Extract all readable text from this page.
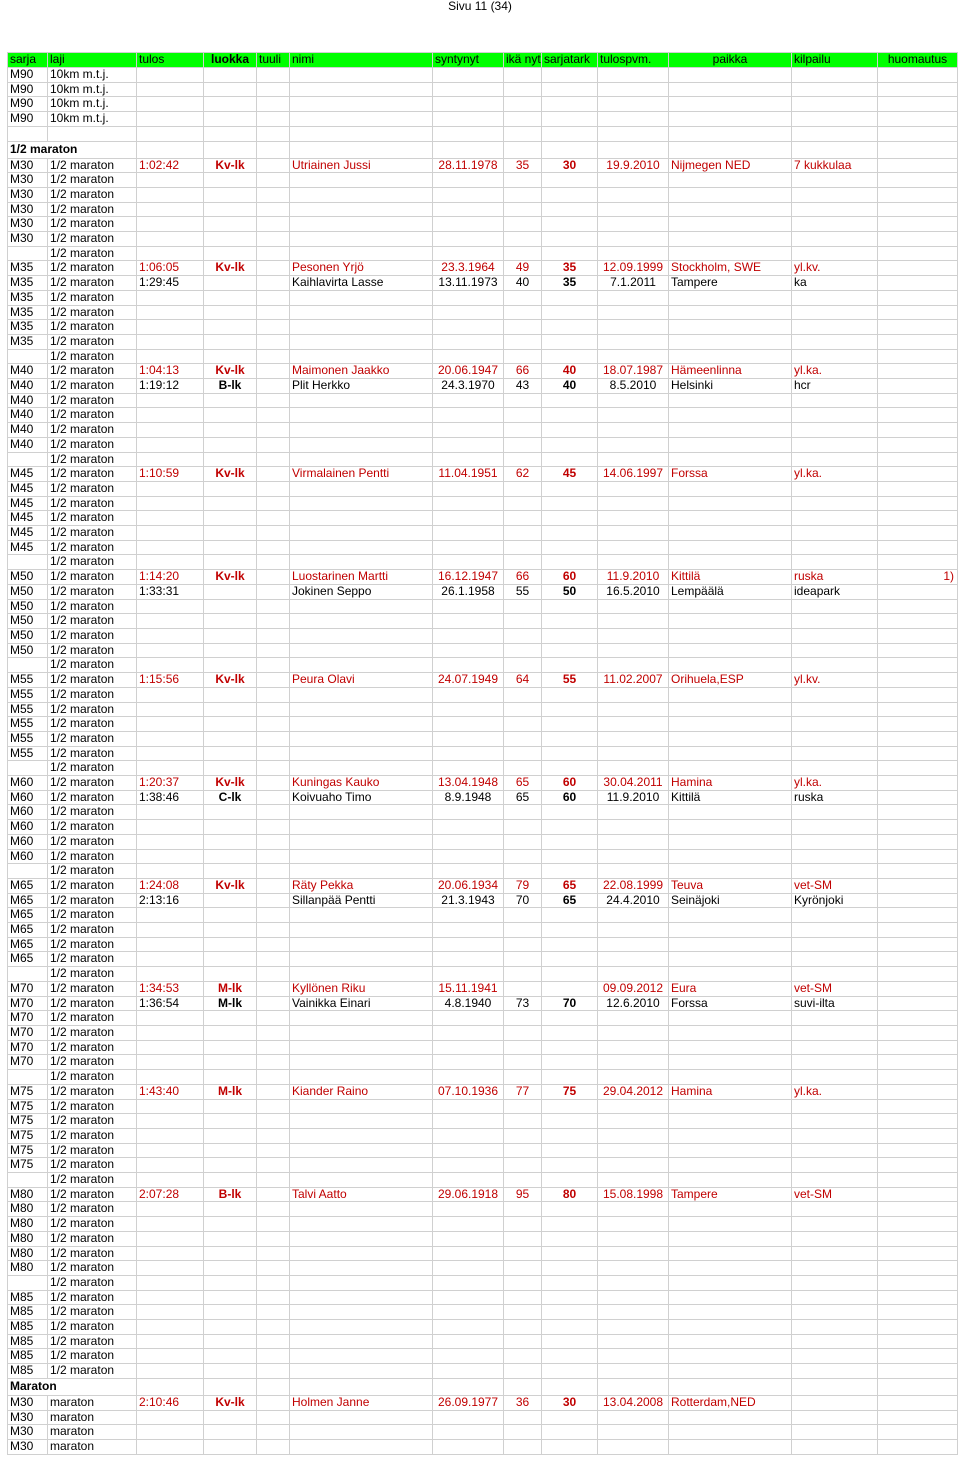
Sivu 11 (34)
sarja	laji	tulos	luokka	tuuli	nimi	syntynyt	ikä nyt	sarjatark	tulospvm.	paikka	kilpailu	huomautus
M90	10km m.t.j.											
M90	10km m.t.j.											
M90	10km m.t.j.											
M90	10km m.t.j.											

1/2 maraton												
M30	1/2 maraton	1:02:42	Kv-lk		Utriainen Jussi	28.11.1978	35	30	19.9.2010	Nijmegen NED	7 kukkulaa	
M30	1/2 maraton											
M30	1/2 maraton											
M30	1/2 maraton											
M30	1/2 maraton											
M30	1/2 maraton											
	1/2 maraton											
M35	1/2 maraton	1:06:05	Kv-lk		Pesonen Yrjö	23.3.1964	49	35	12.09.1999	Stockholm, SWE	yl.kv.	
M35	1/2 maraton	1:29:45			Kaihlavirta Lasse	13.11.1973	40	35	7.1.2011	Tampere	ka	
M35	1/2 maraton											
M35	1/2 maraton											
M35	1/2 maraton											
M35	1/2 maraton											
	1/2 maraton											
M40	1/2 maraton	1:04:13	Kv-lk		Maimonen Jaakko	20.06.1947	66	40	18.07.1987	Hämeenlinna	yl.ka.	
M40	1/2 maraton	1:19:12	B-lk		Plit Herkko	24.3.1970	43	40	8.5.2010	Helsinki	hcr	
M40	1/2 maraton											
M40	1/2 maraton											
M40	1/2 maraton											
M40	1/2 maraton											
	1/2 maraton											
M45	1/2 maraton	1:10:59	Kv-lk		Virmalainen Pentti	11.04.1951	62	45	14.06.1997	Forssa	yl.ka.	
M45	1/2 maraton											
M45	1/2 maraton											
M45	1/2 maraton											
M45	1/2 maraton											
M45	1/2 maraton											
	1/2 maraton											
M50	1/2 maraton	1:14:20	Kv-lk		Luostarinen Martti	16.12.1947	66	60	11.9.2010	Kittilä	ruska	1)
M50	1/2 maraton	1:33:31			Jokinen Seppo	26.1.1958	55	50	16.5.2010	Lempäälä	ideapark	
M50	1/2 maraton											
M50	1/2 maraton											
M50	1/2 maraton											
M50	1/2 maraton											
	1/2 maraton											
M55	1/2 maraton	1:15:56	Kv-lk		Peura Olavi	24.07.1949	64	55	11.02.2007	Orihuela,ESP	yl.kv.	
M55	1/2 maraton											
M55	1/2 maraton											
M55	1/2 maraton											
M55	1/2 maraton											
M55	1/2 maraton											
	1/2 maraton											
M60	1/2 maraton	1:20:37	Kv-lk		Kuningas Kauko	13.04.1948	65	60	30.04.2011	Hamina	yl.ka.	
M60	1/2 maraton	1:38:46	C-lk		Koivuaho Timo	8.9.1948	65	60	11.9.2010	Kittilä	ruska	
M60	1/2 maraton											
M60	1/2 maraton											
M60	1/2 maraton											
M60	1/2 maraton											
	1/2 maraton											
M65	1/2 maraton	1:24:08	Kv-lk		Räty Pekka	20.06.1934	79	65	22.08.1999	Teuva	vet-SM	
M65	1/2 maraton	2:13:16			Sillanpää Pentti	21.3.1943	70	65	24.4.2010	Seinäjoki	Kyrönjoki	
M65	1/2 maraton											
M65	1/2 maraton											
M65	1/2 maraton											
M65	1/2 maraton											
	1/2 maraton											
M70	1/2 maraton	1:34:53	M-lk		Kyllönen Riku	15.11.1941			09.09.2012	Eura	vet-SM	
M70	1/2 maraton	1:36:54	M-lk		Vainikka Einari	4.8.1940	73	70	12.6.2010	Forssa	suvi-ilta	
M70	1/2 maraton											
M70	1/2 maraton											
M70	1/2 maraton											
M70	1/2 maraton											
	1/2 maraton											
M75	1/2 maraton	1:43:40	M-lk		Kiander Raino	07.10.1936	77	75	29.04.2012	Hamina	yl.ka.	
M75	1/2 maraton											
M75	1/2 maraton											
M75	1/2 maraton											
M75	1/2 maraton											
M75	1/2 maraton											
	1/2 maraton											
M80	1/2 maraton	2:07:28	B-lk		Talvi Aatto	29.06.1918	95	80	15.08.1998	Tampere	vet-SM	
M80	1/2 maraton											
M80	1/2 maraton											
M80	1/2 maraton											
M80	1/2 maraton											
M80	1/2 maraton											
	1/2 maraton											
M85	1/2 maraton											
M85	1/2 maraton											
M85	1/2 maraton											
M85	1/2 maraton											
M85	1/2 maraton											
M85	1/2 maraton											
Maraton												
M30	maraton	2:10:46	Kv-lk		Holmen Janne	26.09.1977	36	30	13.04.2008	Rotterdam,NED		
M30	maraton											
M30	maraton											
M30	maraton											
